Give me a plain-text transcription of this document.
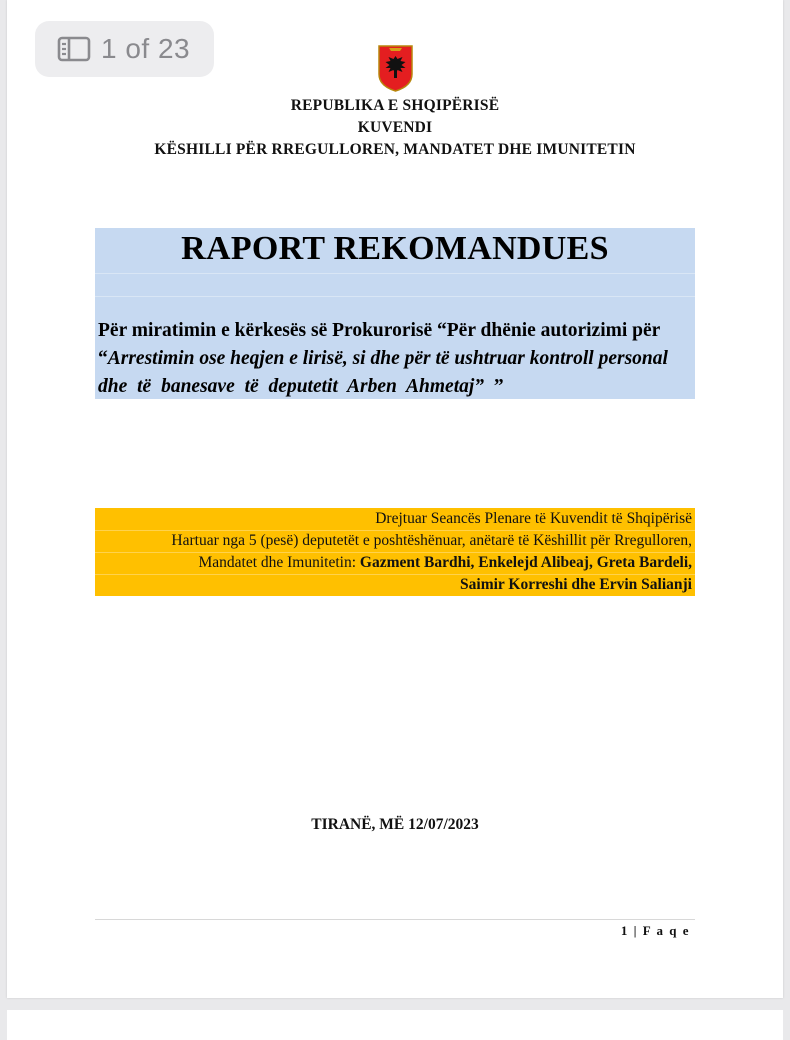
1 of 23
REPUBLIKA E SHQIPËRISË
KUVENDI
KËSHILLI PËR RREGULLOREN, MANDATET DHE IMUNITETIN
RAPORT REKOMANDUES
Për miratimin e kërkesës së Prokurorisë “Për dhënie autorizimi për
“Arrestimin ose heqjen e lirisë, si dhe për të ushtruar kontroll personal
dhe të banesave të deputetit Arben Ahmetaj” ”
Drejtuar Seancës Plenare të Kuvendit të Shqipërisë
Hartuar nga 5 (pesë) deputetët e poshtëshënuar, anëtarë të Këshillit për Rregulloren,
Mandatet dhe Imunitetin: Gazment Bardhi, Enkelejd Alibeaj, Greta Bardeli,
Saimir Korreshi dhe Ervin Salianji
TIRANË, MË 12/07/2023
1 | F a q e
